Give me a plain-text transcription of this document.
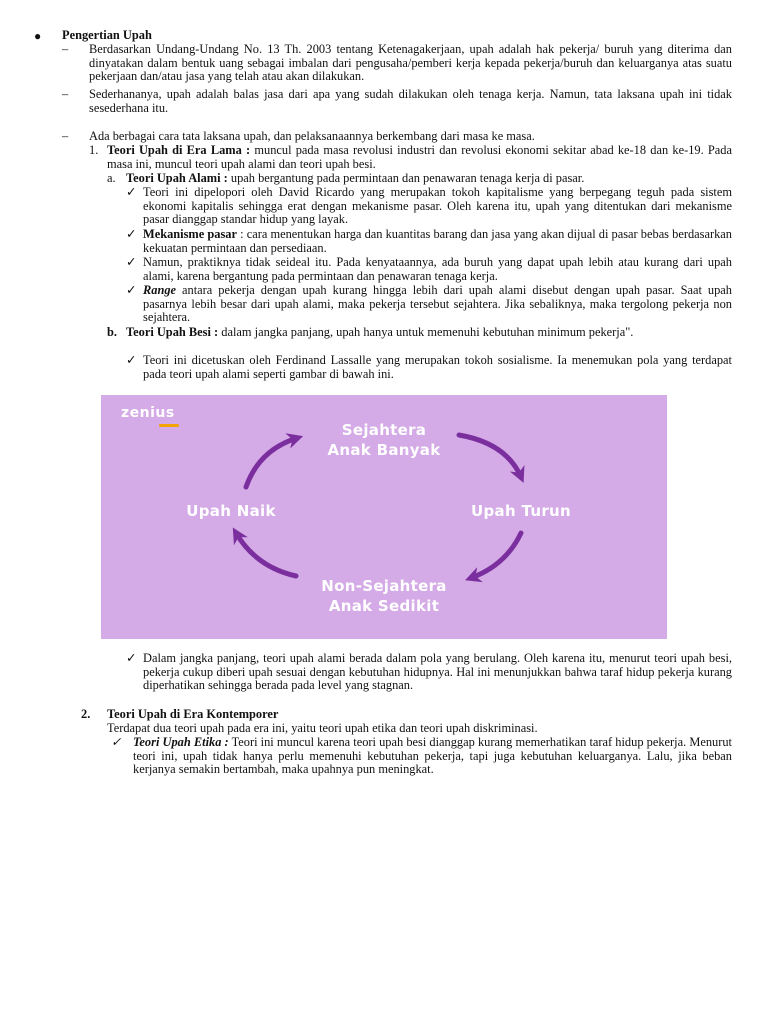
● Pengertian Upah
– Berdasarkan Undang-Undang No. 13 Th. 2003 tentang Ketenagakerjaan, upah adalah hak pekerja/ buruh yang diterima dan dinyatakan dalam bentuk uang sebagai imbalan dari pengusaha/pemberi kerja kepada pekerja/buruh dan keluarganya atas suatu pekerjaan dan/atau jasa yang telah atau akan dilakukan.
– Sederhananya, upah adalah balas jasa dari apa yang sudah dilakukan oleh tenaga kerja. Namun, tata laksana upah ini tidak sesederhana itu.
– Ada berbagai cara tata laksana upah, dan pelaksanaannya berkembang dari masa ke masa.
1. Teori Upah di Era Lama : muncul pada masa revolusi industri dan revolusi ekonomi sekitar abad ke-18 dan ke-19. Pada masa ini, muncul teori upah alami dan teori upah besi.
a. Teori Upah Alami : upah bergantung pada permintaan dan penawaran tenaga kerja di pasar.
✓ Teori ini dipelopori oleh David Ricardo yang merupakan tokoh kapitalisme yang berpegang teguh pada sistem ekonomi kapitalis sehingga erat dengan mekanisme pasar. Oleh karena itu, upah yang ditentukan dari mekanisme pasar dianggap standar hidup yang layak.
✓ Mekanisme pasar : cara menentukan harga dan kuantitas barang dan jasa yang akan dijual di pasar bebas berdasarkan kekuatan permintaan dan persediaan.
✓ Namun, praktiknya tidak seideal itu. Pada kenyataannya, ada buruh yang dapat upah lebih atau kurang dari upah alami, karena bergantung pada permintaan dan penawaran tenaga kerja.
✓ Range antara pekerja dengan upah kurang hingga lebih dari upah alami disebut dengan upah pasar. Saat upah pasarnya lebih besar dari upah alami, maka pekerja tersebut sejahtera. Jika sebaliknya, maka tergolong pekerja non sejahtera.
b. Teori Upah Besi : dalam jangka panjang, upah hanya untuk memenuhi kebutuhan minimum pekerja".
✓ Teori ini dicetuskan oleh Ferdinand Lassalle yang merupakan tokoh sosialisme. Ia menemukan pola yang terdapat pada teori upah alami seperti gambar di bawah ini.
zenius
Sejahtera
Anak Banyak
Upah Turun
Non-Sejahtera
Anak Sedikit
Upah Naik
✓ Dalam jangka panjang, teori upah alami berada dalam pola yang berulang. Oleh karena itu, menurut teori upah besi, pekerja cukup diberi upah sesuai dengan kebutuhan hidupnya. Hal ini menunjukkan bahwa taraf hidup pekerja kurang diperhatikan sehingga berada pada level yang stagnan.
2. Teori Upah di Era Kontemporer
Terdapat dua teori upah pada era ini, yaitu teori upah etika dan teori upah diskriminasi.
✓ Teori Upah Etika : Teori ini muncul karena teori upah besi dianggap kurang memerhatikan taraf hidup pekerja. Menurut teori ini, upah tidak hanya perlu memenuhi kebutuhan pekerja, tapi juga kebutuhan keluarganya. Lalu, jika beban kerjanya semakin bertambah, maka upahnya pun meningkat.
